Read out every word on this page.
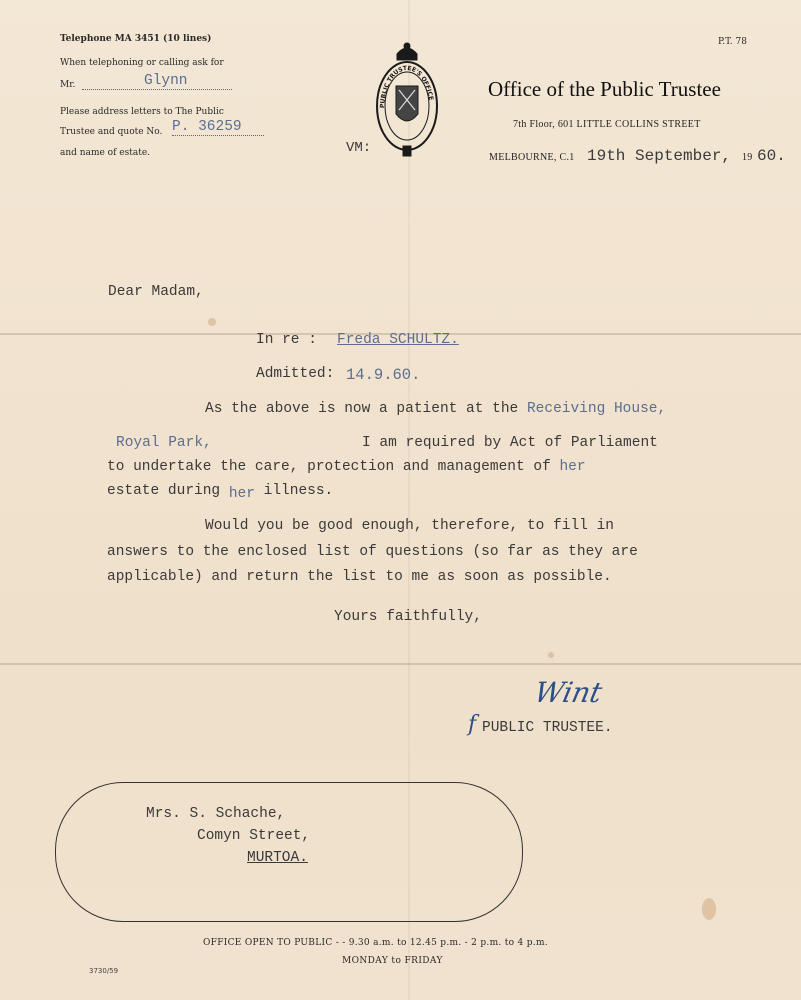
Telephone MA 3451 (10 lines)
When telephoning or calling ask for
Mr.	Glynn
Please address letters to The Public
Trustee and quote No. P. 36259
and name of estate.	VM:
PUBLIC TRUSTEE'S OFFICE
P.T. 78
Office of the Public Trustee
7th Floor, 601 LITTLE COLLINS STREET
MELBOURNE, C.1 19th September, 19 60.
Dear Madam,
In re : Freda SCHULTZ.
Admitted: 14.9.60.
As the above is now a patient at the Receiving House,
Royal Park,	I am required by Act of Parliament
to undertake the care, protection and management of her
estate during her illness.
Would you be good enough, therefore, to fill in
answers to the enclosed list of questions (so far as they are
applicable) and return the list to me as soon as possible.
Yours faithfully,
Wint
f PUBLIC TRUSTEE.
Mrs. S. Schache,
Comyn Street,
MURTOA.
OFFICE OPEN TO PUBLIC - - 9.30 a.m. to 12.45 p.m. - 2 p.m. to 4 p.m.
MONDAY to FRIDAY
3730/59
